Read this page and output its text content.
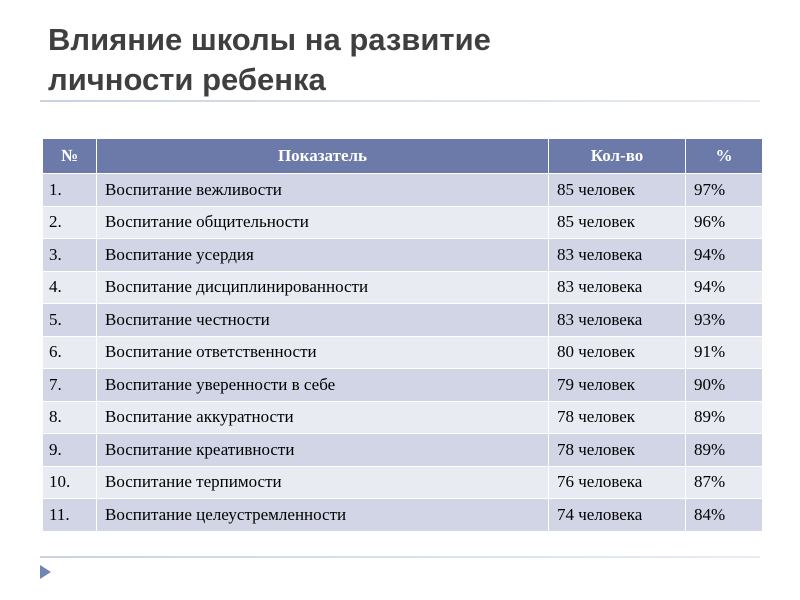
Влияние школы на развитие
личности ребенка
№	Показатель	Кол-во	%
1.	Воспитание вежливости	85 человек	97%
2.	Воспитание общительности	85 человек	96%
3.	Воспитание усердия	83 человека	94%
4.	Воспитание дисциплинированности	83 человека	94%
5.	Воспитание честности	83 человека	93%
6.	Воспитание ответственности	80 человек	91%
7.	Воспитание уверенности в себе	79 человек	90%
8.	Воспитание аккуратности	78 человек	89%
9.	Воспитание креативности	78 человек	89%
10.	Воспитание терпимости	76 человека	87%
11.	Воспитание целеустремленности	74 человека	84%
